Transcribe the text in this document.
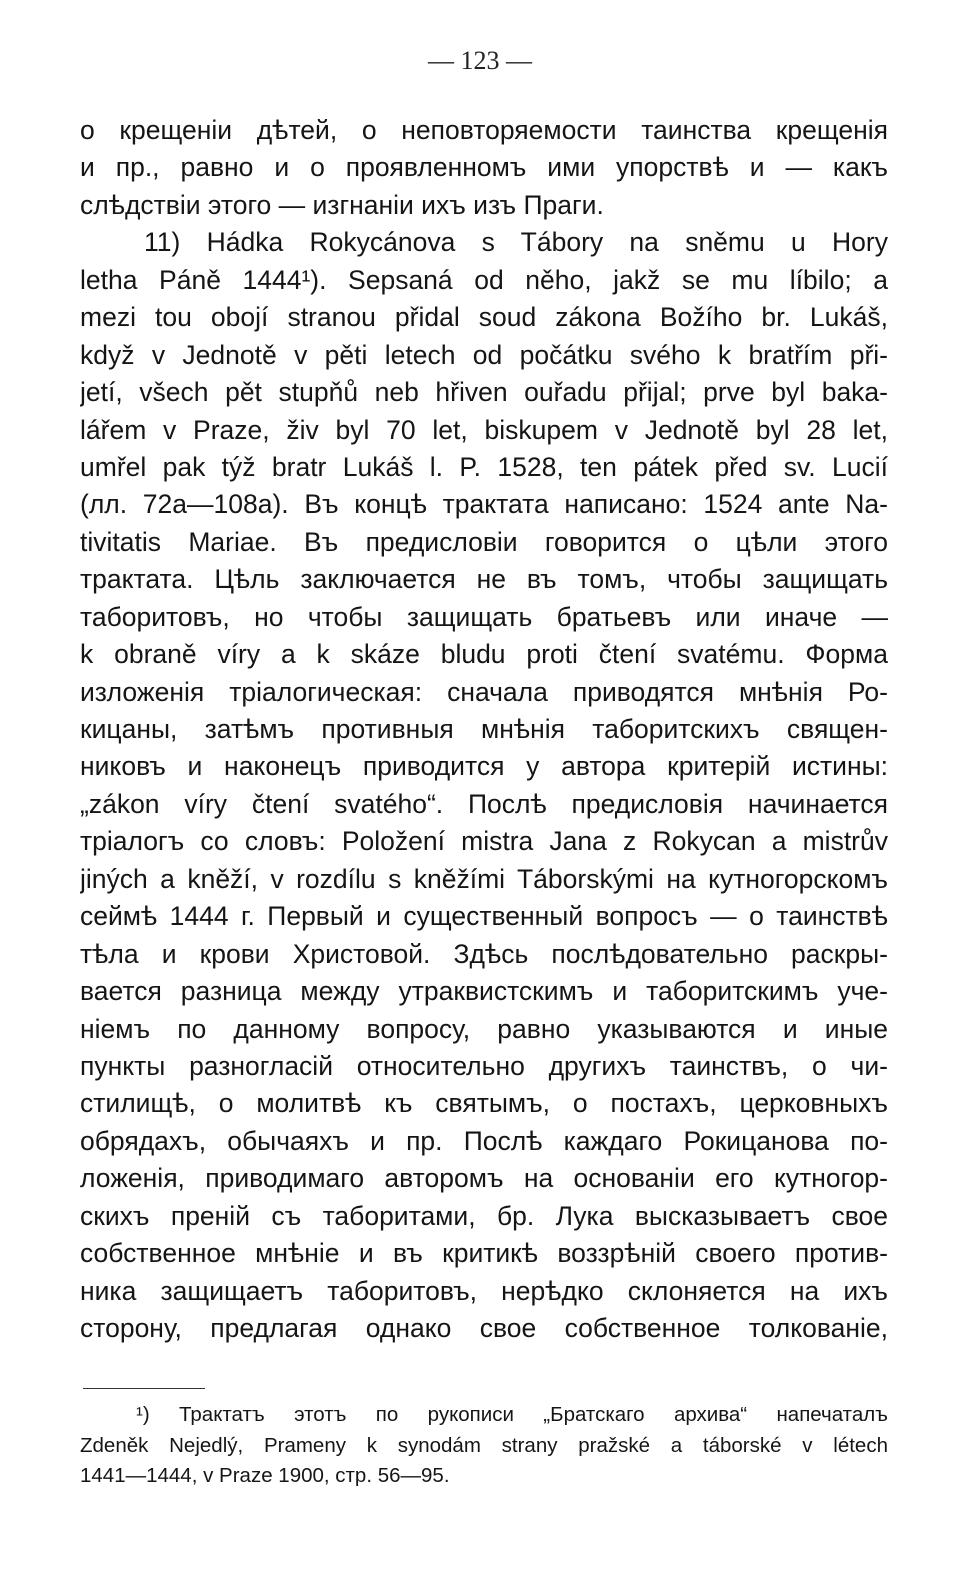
— 123 —
о крещеніи дѣтей, о неповторяемости таинства крещенія
и пр., равно и о проявленномъ ими упорствѣ и — какъ
слѣдствіи этого — изгнаніи ихъ изъ Праги.
11) Hádka Rokycánova s Tábory na sněmu u Hory
letha Páně 1444¹). Sepsaná od něho, jakž se mu líbilo; a
mezi tou obojí stranou přidal soud zákona Božího br. Lukáš,
když v Jednotě v pěti letech od počátku svého k bratřím při-
jetí, všech pět stupňů neb hřiven ouřadu přijal; prve byl baka-
lářem v Praze, živ byl 70 let, biskupem v Jednotě byl 28 let,
umřel pak týž bratr Lukáš l. P. 1528, ten pátek před sv. Lucií
(лл. 72а—108а). Въ концѣ трактата написано: 1524 ante Na-
tivitatis Mariae. Въ предисловіи говорится о цѣли этого
трактата. Цѣль заключается не въ томъ, чтобы защищать
таборитовъ, но чтобы защищать братьевъ или иначе —
k obraně víry a k skáze bludu proti čtení svatému. Форма
изложенія тріалогическая: сначала приводятся мнѣнія Ро-
кицаны, затѣмъ противныя мнѣнія таборитскихъ священ-
никовъ и наконецъ приводится у автора критерій истины:
„zákon víry čtení svatého“. Послѣ предисловія начинается
тріалогъ со словъ: Položení mistra Jana z Rokycan a mistrův
jiných a kněží, v rozdílu s kněžími Táborskými на кутногорскомъ
сеймѣ 1444 г. Первый и существенный вопросъ — о таинствѣ
тѣла и крови Христовой. Здѣсь послѣдовательно раскры-
вается разница между утраквистскимъ и таборитскимъ уче-
ніемъ по данному вопросу, равно указываются и иные
пункты разногласій относительно другихъ таинствъ, о чи-
стилищѣ, о молитвѣ къ святымъ, о постахъ, церковныхъ
обрядахъ, обычаяхъ и пр. Послѣ каждаго Рокицанова по-
ложенія, приводимаго авторомъ на основаніи его кутногор-
скихъ преній съ таборитами, бр. Лука высказываетъ свое
собственное мнѣніе и въ критикѣ воззрѣній своего против-
ника защищаетъ таборитовъ, нерѣдко склоняется на ихъ
сторону, предлагая однако свое собственное толкованіе,
¹) Трактатъ этотъ по рукописи „Братскаго архива“ напечаталъ
Zdeněk Nejedlý, Prameny k synodám strany pražské a táborské v létech
1441—1444, v Praze 1900, стр. 56—95.
